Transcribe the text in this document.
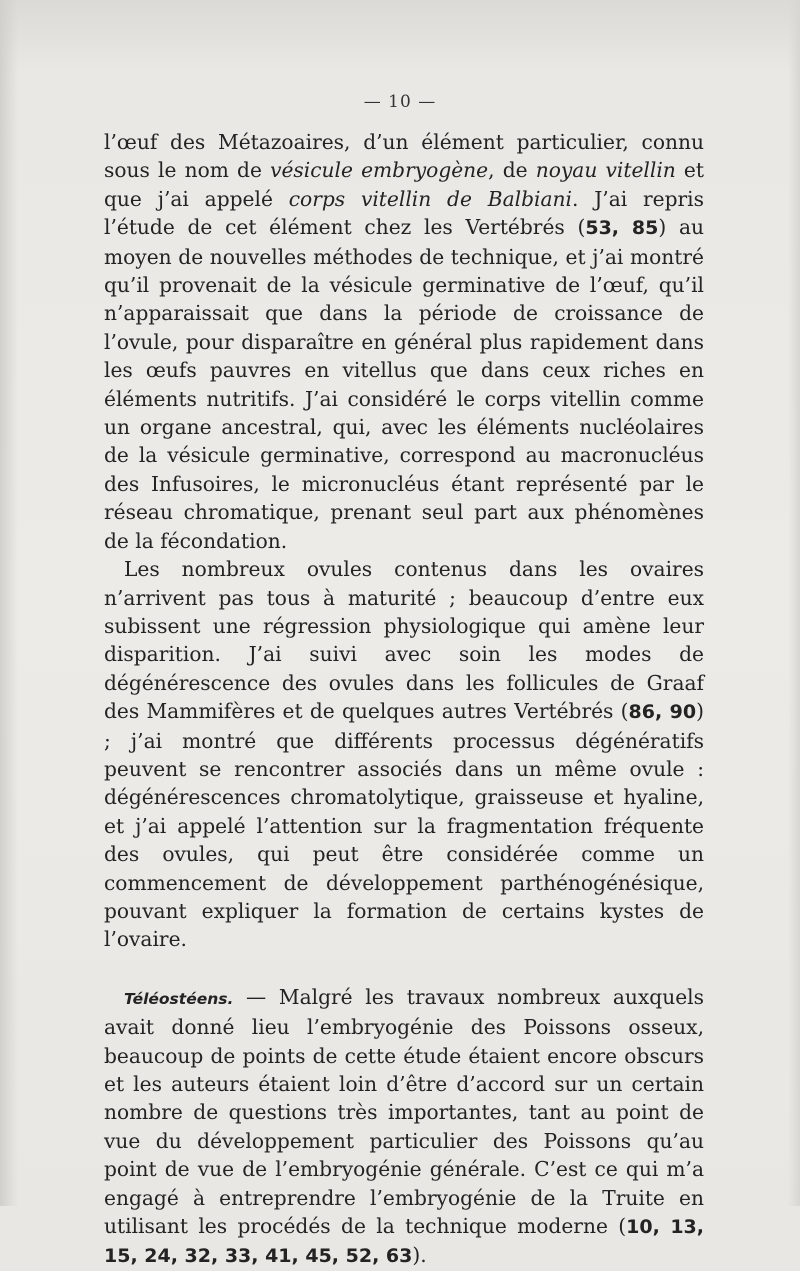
— 10 —

l’œuf des Métazoaires, d’un élément particulier, connu sous le nom de vésicule embryogène, de noyau vitellin et que j’ai appelé corps vitellin de Balbiani. J’ai repris l’étude de cet élément chez les Vertébrés (53, 85) au moyen de nouvelles méthodes de technique, et j’ai montré qu’il provenait de la vésicule germinative de l’œuf, qu’il n’apparaissait que dans la période de croissance de l’ovule, pour disparaître en général plus rapidement dans les œufs pauvres en vitellus que dans ceux riches en éléments nutritifs. J’ai considéré le corps vitellin comme un organe ancestral, qui, avec les éléments nucléolaires de la vésicule germinative, correspond au macronucléus des Infusoires, le micronucléus étant représenté par le réseau chromatique, prenant seul part aux phénomènes de la fécondation.

Les nombreux ovules contenus dans les ovaires n’arrivent pas tous à maturité ; beaucoup d’entre eux subissent une régression physiologique qui amène leur disparition. J’ai suivi avec soin les modes de dégénérescence des ovules dans les follicules de Graaf des Mammifères et de quelques autres Vertébrés (86, 90) ; j’ai montré que différents processus dégénératifs peuvent se rencontrer associés dans un même ovule : dégénérescences chromatolytique, graisseuse et hyaline, et j’ai appelé l’attention sur la fragmentation fréquente des ovules, qui peut être considérée comme un commencement de développement parthénogénésique, pouvant expliquer la formation de certains kystes de l’ovaire.

Téléostéens. — Malgré les travaux nombreux auxquels avait donné lieu l’embryogénie des Poissons osseux, beaucoup de points de cette étude étaient encore obscurs et les auteurs étaient loin d’être d’accord sur un certain nombre de questions très importantes, tant au point de vue du développement particulier des Poissons qu’au point de vue de l’embryogénie générale. C’est ce qui m’a engagé à entreprendre l’embryogénie de la Truite en utilisant les procédés de la technique moderne (10, 13, 15, 24, 32, 33, 41, 45, 52, 63).
